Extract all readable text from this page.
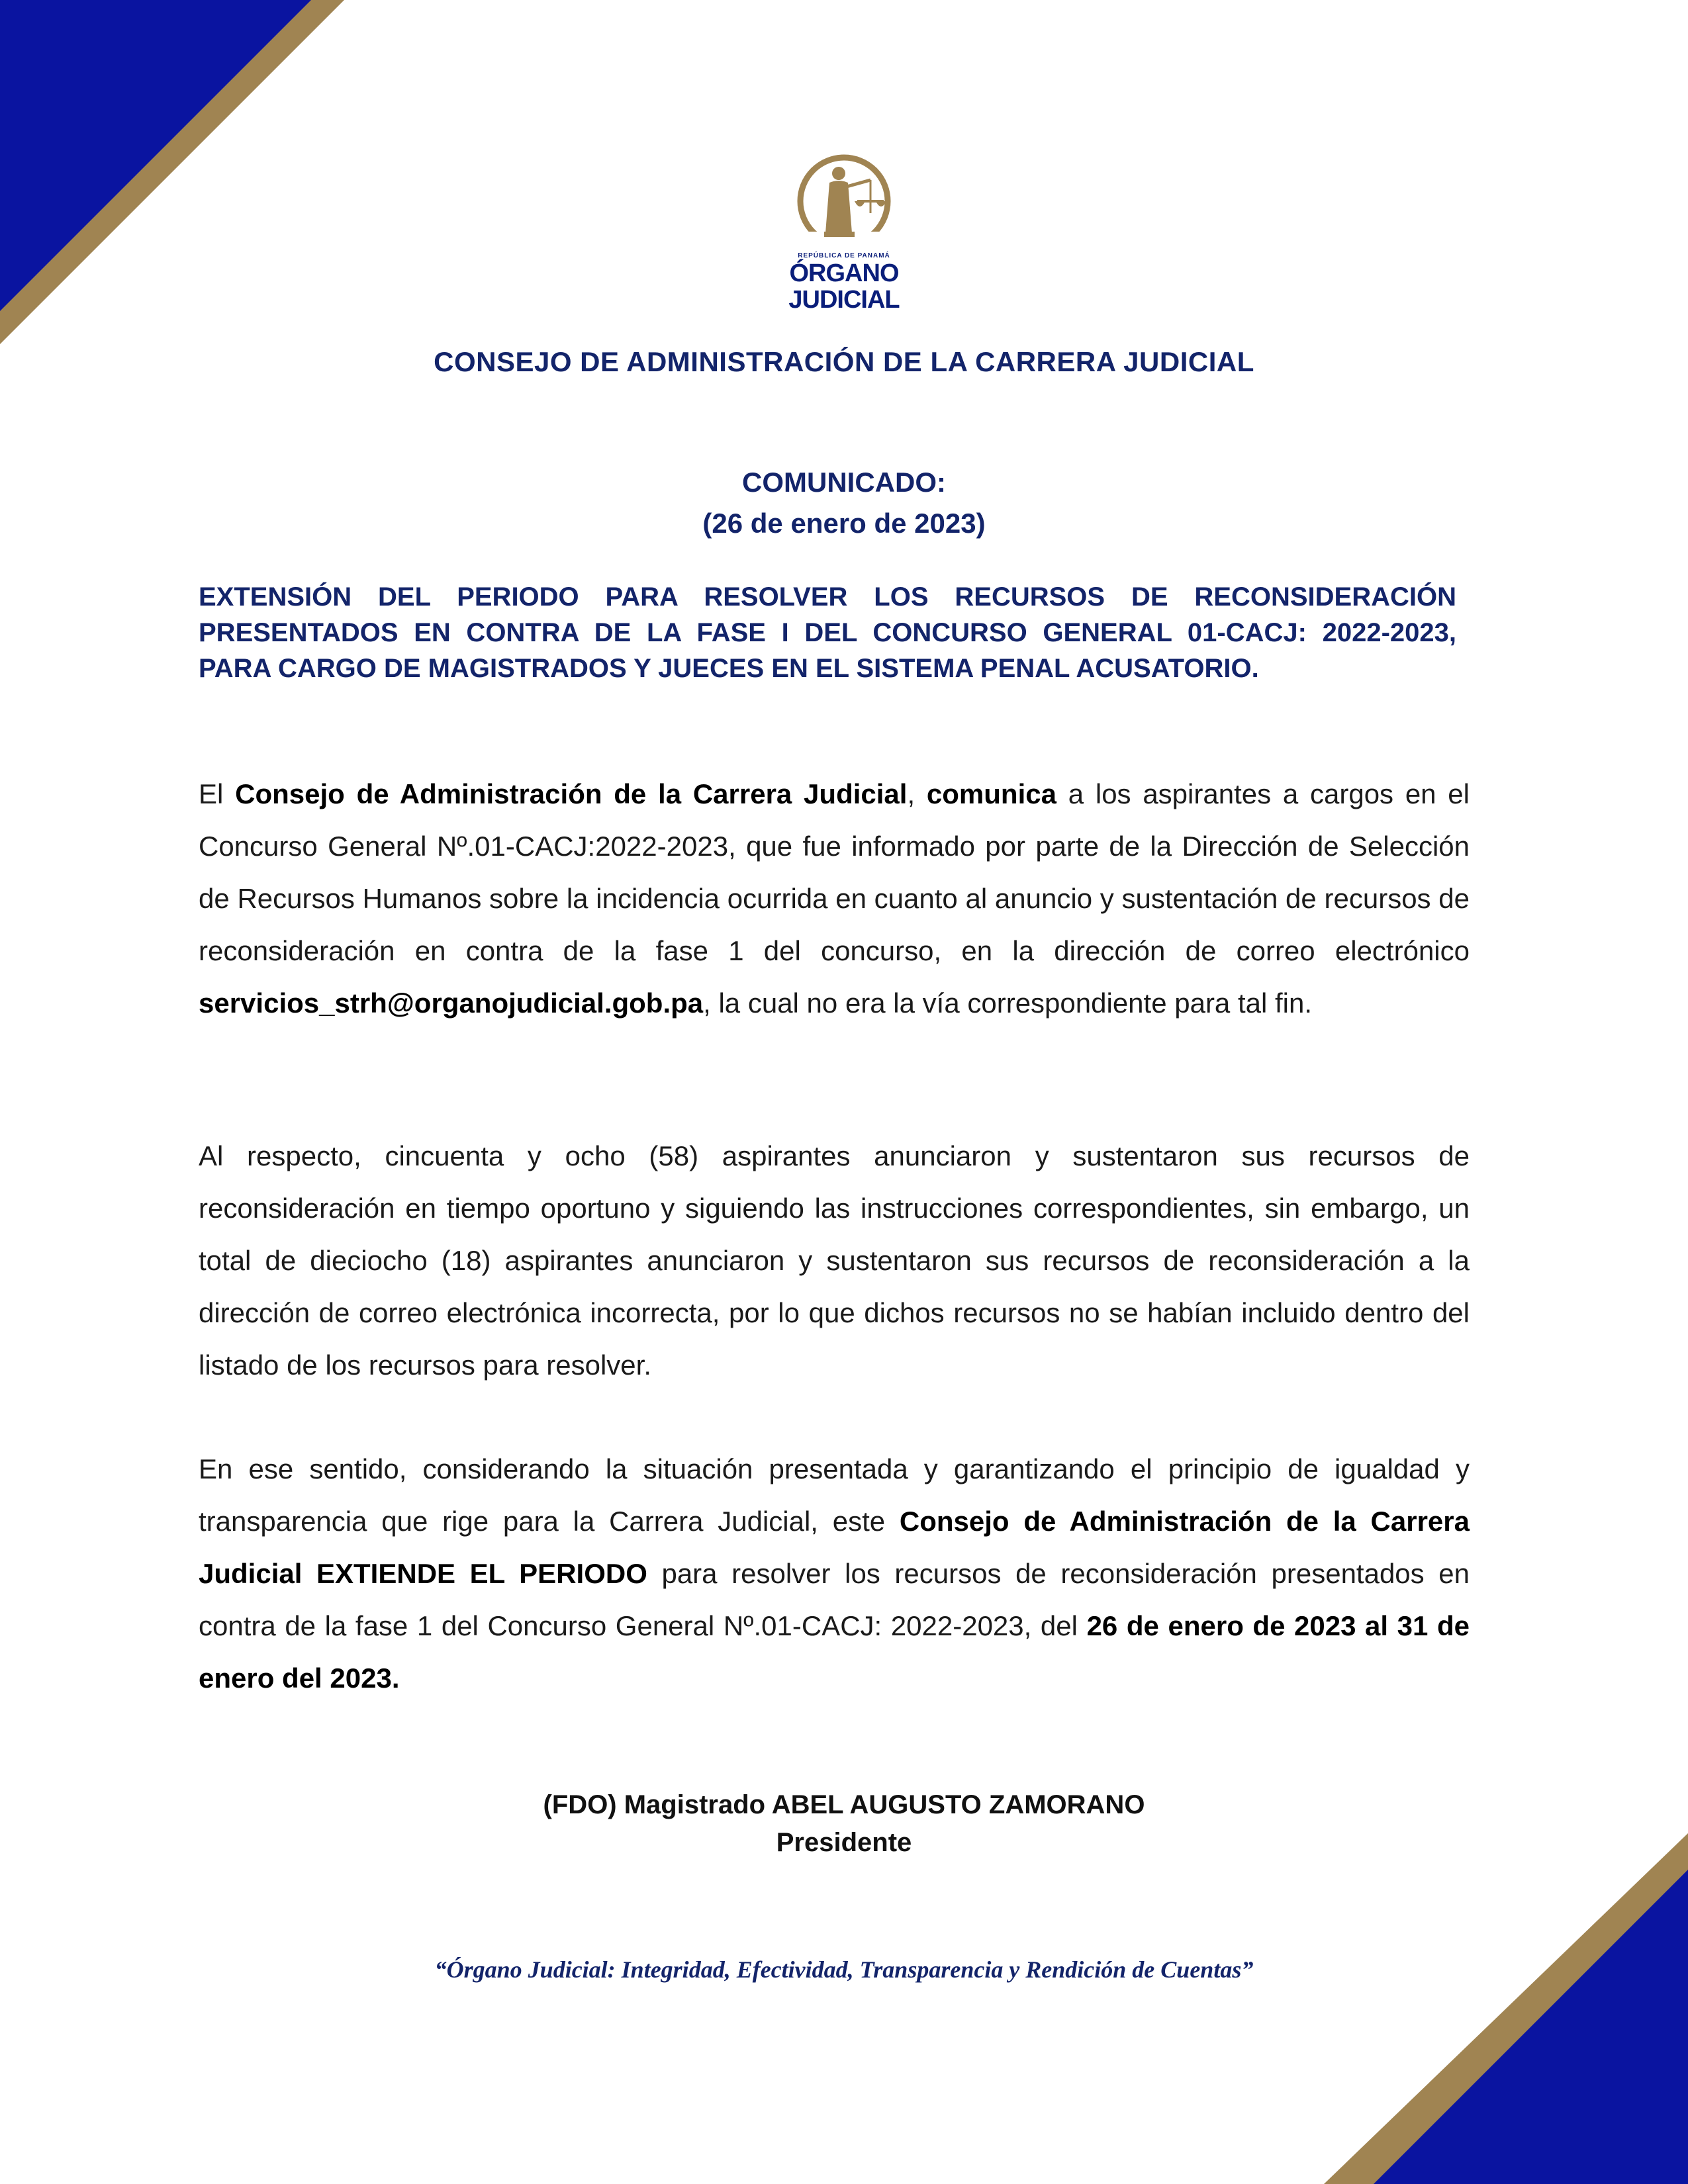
REPÚBLICA DE PANAMÁ
ÓRGANO
JUDICIAL
CONSEJO DE ADMINISTRACIÓN DE LA CARRERA JUDICIAL
COMUNICADO:
(26 de enero de 2023)
EXTENSIÓN DEL PERIODO PARA RESOLVER LOS RECURSOS DE RECONSIDERACIÓN
PRESENTADOS EN CONTRA DE LA FASE I DEL CONCURSO GENERAL 01-CACJ: 2022-2023,
PARA CARGO DE MAGISTRADOS Y JUECES EN EL SISTEMA PENAL ACUSATORIO.
El Consejo de Administración de la Carrera Judicial, comunica a los aspirantes a cargos en el Concurso General Nº.01-CACJ:2022-2023, que fue informado por parte de la Dirección de Selección de Recursos Humanos sobre la incidencia ocurrida en cuanto al anuncio y sustentación de recursos de reconsideración en contra de la fase 1 del concurso, en la dirección de correo electrónico servicios_strh@organojudicial.gob.pa, la cual no era la vía correspondiente para tal fin.
Al respecto, cincuenta y ocho (58) aspirantes anunciaron y sustentaron sus recursos de reconsideración en tiempo oportuno y siguiendo las instrucciones correspondientes, sin embargo, un total de dieciocho (18) aspirantes anunciaron y sustentaron sus recursos de reconsideración a la dirección de correo electrónica incorrecta, por lo que dichos recursos no se habían incluido dentro del listado de los recursos para resolver.
En ese sentido, considerando la situación presentada y garantizando el principio de igualdad y transparencia que rige para la Carrera Judicial, este Consejo de Administración de la Carrera Judicial EXTIENDE EL PERIODO para resolver los recursos de reconsideración presentados en contra de la fase 1 del Concurso General Nº.01-CACJ: 2022-2023, del 26 de enero de 2023 al 31 de enero del 2023.
(FDO) Magistrado ABEL AUGUSTO ZAMORANO
Presidente
“Órgano Judicial: Integridad, Efectividad, Transparencia y Rendición de Cuentas”
